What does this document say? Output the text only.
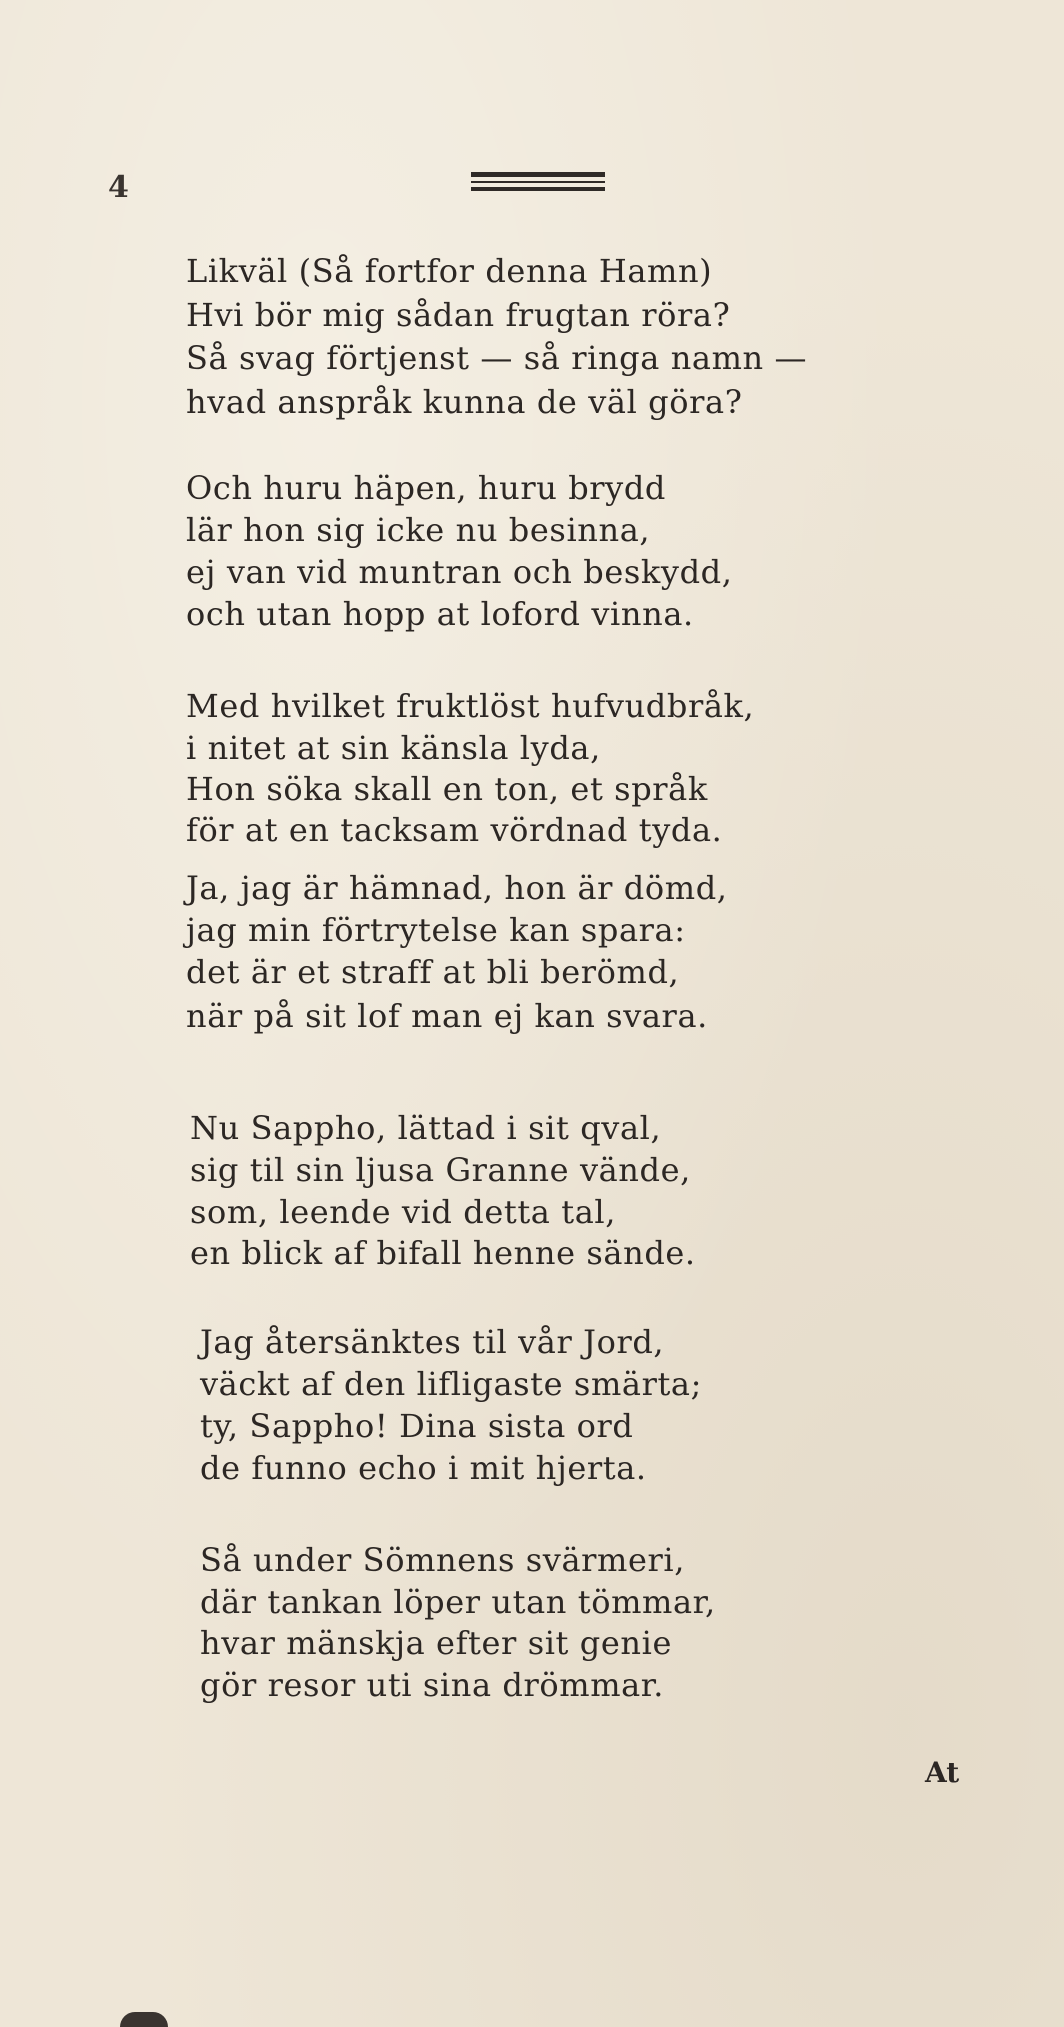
4
Likväl (Så fortfor denna Hamn)
Hvi bör mig sådan frugtan röra?
Så svag förtjenst — så ringa namn —
hvad anspråk kunna de väl göra?
Och huru häpen, huru brydd
lär hon sig icke nu besinna,
ej van vid muntran och beskydd,
och utan hopp at loford vinna.
Med hvilket fruktlöst hufvudbråk,
i nitet at sin känsla lyda,
Hon söka skall en ton, et språk
för at en tacksam vördnad tyda.
Ja, jag är hämnad, hon är dömd,
jag min förtrytelse kan spara:
det är et straff at bli berömd,
när på sit lof man ej kan svara.
Nu Sappho, lättad i sit qval,
sig til sin ljusa Granne vände,
som, leende vid detta tal,
en blick af bifall henne sände.
Jag återsänktes til vår Jord,
väckt af den lifligaste smärta;
ty, Sappho! Dina sista ord
de funno echo i mit hjerta.
Så under Sömnens svärmeri,
där tankan löper utan tömmar,
hvar mänskja efter sit genie
gör resor uti sina drömmar.
At
